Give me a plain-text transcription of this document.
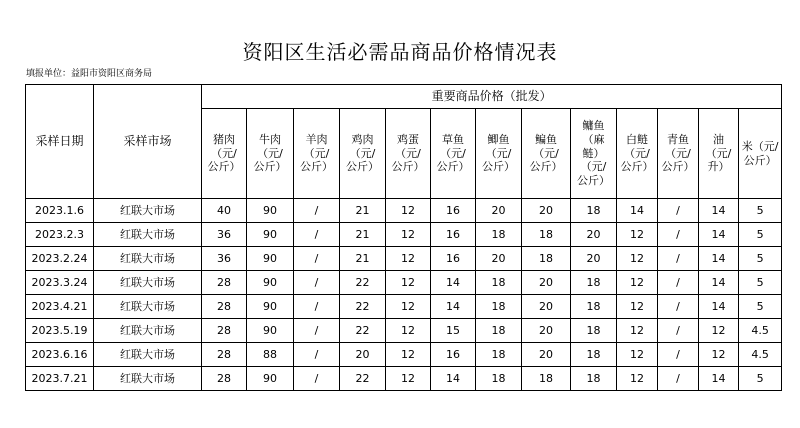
资阳区生活必需品商品价格情况表
填报单位：益阳市资阳区商务局
采样日期	采样市场	重要商品价格（批发）												
		猪肉（元/公斤）	牛肉（元/公斤）	羊肉（元/公斤）	鸡肉（元/公斤）	鸡蛋（元/公斤）	草鱼（元/公斤）	鲫鱼（元/公斤）	鳊鱼（元/公斤）	鳙鱼（麻鲢）（元/公斤）	白鲢（元/公斤）	青鱼（元/公斤）	油（元/升）	米（元/公斤）
2023.1.6	红联大市场	40	90	/	21	12	16	20	20	18	14	/	14	5
2023.2.3	红联大市场	36	90	/	21	12	16	18	18	20	12	/	14	5
2023.2.24	红联大市场	36	90	/	21	12	16	20	18	20	12	/	14	5
2023.3.24	红联大市场	28	90	/	22	12	14	18	20	18	12	/	14	5
2023.4.21	红联大市场	28	90	/	22	12	14	18	20	18	12	/	14	5
2023.5.19	红联大市场	28	90	/	22	12	15	18	20	18	12	/	12	4.5
2023.6.16	红联大市场	28	88	/	20	12	16	18	20	18	12	/	12	4.5
2023.7.21	红联大市场	28	90	/	22	12	14	18	18	18	12	/	14	5
